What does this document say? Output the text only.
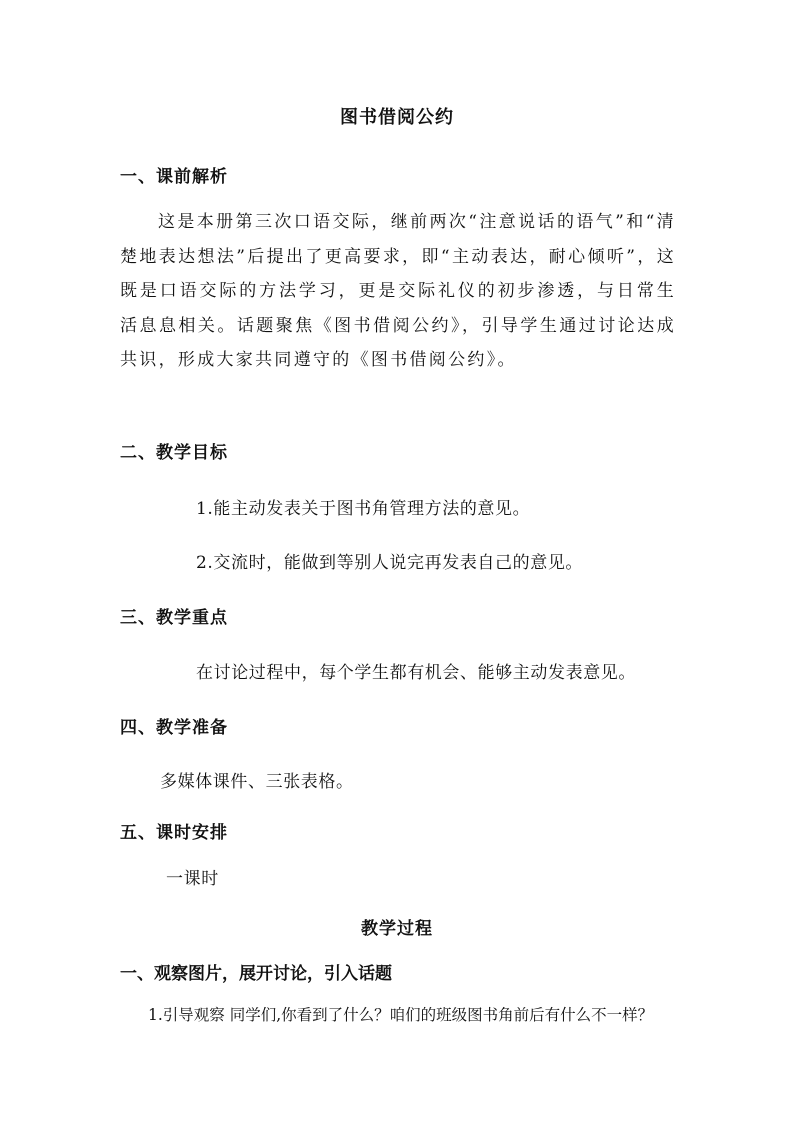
图书借阅公约
一、课前解析
这是本册第三次口语交际，继前两次“注意说话的语气”和“清楚地表达想法”后提出了更高要求，即“主动表达，耐心倾听”，这既是口语交际的方法学习，更是交际礼仪的初步渗透，与日常生活息息相关。话题聚焦《图书借阅公约》，引导学生通过讨论达成共识，形成大家共同遵守的《图书借阅公约》。
二、教学目标
1.能主动发表关于图书角管理方法的意见。
2.交流时，能做到等别人说完再发表自己的意见。
三、教学重点
在讨论过程中，每个学生都有机会、能够主动发表意见。
四、教学准备
多媒体课件、三张表格。
五、课时安排
一课时
教学过程
一、观察图片，展开讨论，引入话题
1.引导观察 同学们,你看到了什么？咱们的班级图书角前后有什么不一样？
